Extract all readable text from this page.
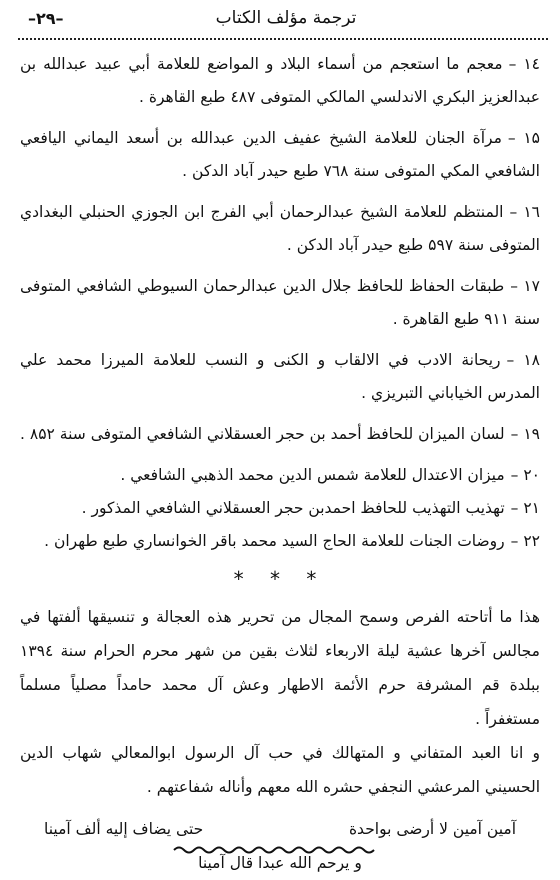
ترجمة مؤلف الكتاب
–۲۹–

۱٤ –معجم ما استعجم من أسماء البلاد و المواضع للعلامة أبي عبيد عبدالله بن عبدالعزيز البكري الاندلسي المالكي المتوفى ٤۸۷ طبع القاهرة .

۱۵ –مرآة الجنان للعلامة الشيخ عفيف الدين عبدالله بن أسعد اليماني اليافعي الشافعي المكي المتوفى سنة ۷٦۸ طبع حيدر آباد الدكن .

۱٦ –المنتظم للعلامة الشيخ عبدالرحمان أبي الفرج ابن الجوزي الحنبلي البغدادي المتوفى سنة ۵۹۷ طبع حيدر آباد الدكن .

۱۷ –طبقات الحفاظ للحافظ جلال الدين عبدالرحمان السيوطي الشافعي المتوفى سنة ۹۱۱ طبع القاهرة .

۱۸ –ريحانة الادب في الالقاب و الكنى و النسب للعلامة الميرزا محمد علي المدرس الخياباني التبريزي .

۱۹ –لسان الميزان للحافظ أحمد بن حجر العسقلاني الشافعي المتوفى سنة ۸۵۲ .

۲۰ –ميزان الاعتدال للعلامة شمس الدين محمد الذهبي الشافعي .

۲۱ –تهذيب التهذيب للحافظ احمدبن حجر العسقلاني الشافعي المذكور .

۲۲ –روضات الجنات للعلامة الحاج السيد محمد باقر الخوانساري طبع طهران .

* * *

هذا ما أتاحته الفرص وسمح المجال من تحرير هذه العجالة و تنسيقها ألفتها في مجالس آخرها عشية ليلة الاربعاء لثلاث بقين من شهر محرم الحرام سنة ۱۳۹٤ ببلدة قم المشرفة حرم الأئمة الاطهار وعش آل محمد حامداً مصلياً مسلماً مستغفراً .

و انا العبد المتفاني و المتهالك في حب آل الرسول ابوالمعالي شهاب الدين الحسيني المرعشي النجفي حشره الله معهم وأناله شفاعتهم .

آمين آمين لا أرضى بواحدة
حتى يضاف إليه ألف آمينا
و يرحم الله عبدا قال آمينا
